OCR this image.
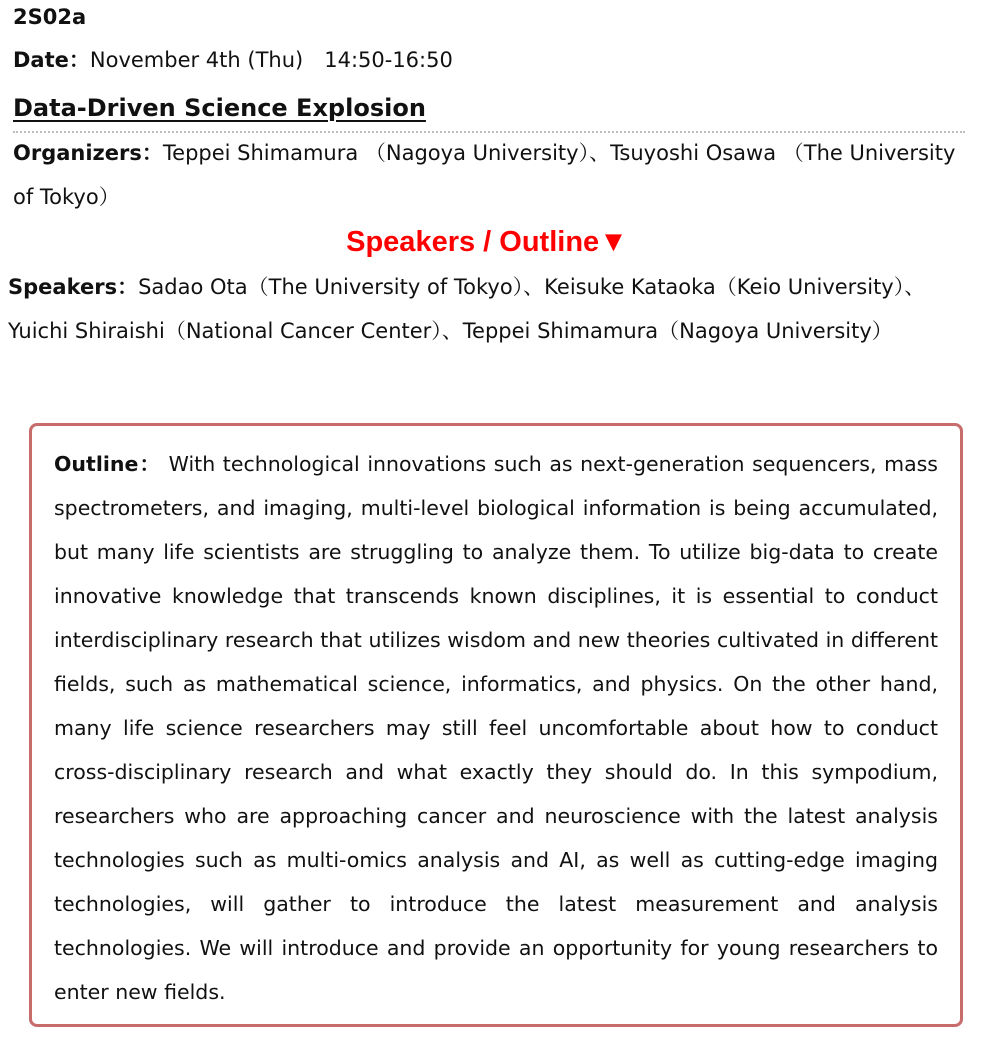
2S02a
Date：November 4th (Thu)　14:50-16:50
Data-Driven Science Explosion
Organizers：Teppei Shimamura （Nagoya University）、Tsuyoshi Osawa （The University of Tokyo）
Speakers / Outline▼
Speakers：Sadao Ota（The University of Tokyo）、Keisuke Kataoka（Keio University）、Yuichi Shiraishi（National Cancer Center）、Teppei Shimamura（Nagoya University）

Outline： With technological innovations such as next-generation sequencers, mass spectrometers, and imaging, multi-level biological information is being accumulated, but many life scientists are struggling to analyze them. To utilize big-data to create innovative knowledge that transcends known disciplines, it is essential to conduct interdisciplinary research that utilizes wisdom and new theories cultivated in different fields, such as mathematical science, informatics, and physics. On the other hand, many life science researchers may still feel uncomfortable about how to conduct cross-disciplinary research and what exactly they should do. In this sympodium, researchers who are approaching cancer and neuroscience with the latest analysis technologies such as multi-omics analysis and AI, as well as cutting-edge imaging technologies, will gather to introduce the latest measurement and analysis technologies. We will introduce and provide an opportunity for young researchers to enter new fields.
